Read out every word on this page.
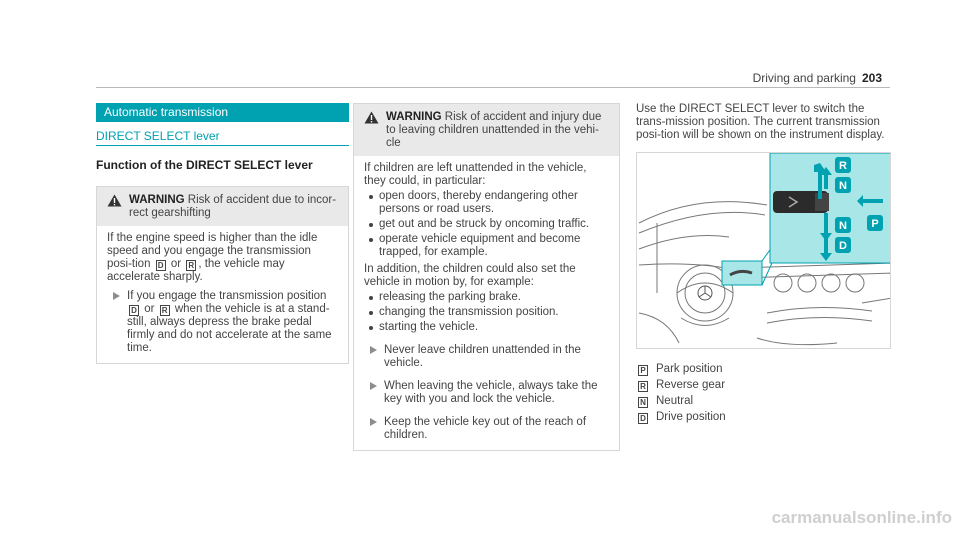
Driving and parking 203
Automatic transmission
DIRECT SELECT lever
Function of the DIRECT SELECT lever
WARNING Risk of accident due to incor-rect gearshifting
If the engine speed is higher than the idle speed and you engage the transmission posi-tion D or R , the vehicle may accelerate sharply.
If you engage the transmission position D or R when the vehicle is at a stand-still, always depress the brake pedal firmly and do not accelerate at the same time.
WARNING Risk of accident and injury due to leaving children unattended in the vehi-cle
If children are left unattended in the vehicle, they could, in particular:
open doors, thereby endangering other persons or road users.
get out and be struck by oncoming traffic.
operate vehicle equipment and become trapped, for example.
In addition, the children could also set the vehicle in motion by, for example:
releasing the parking brake.
changing the transmission position.
starting the vehicle.
Never leave children unattended in the vehicle.
When leaving the vehicle, always take the key with you and lock the vehicle.
Keep the vehicle key out of the reach of children.
Use the DIRECT SELECT lever to switch the trans-mission position. The current transmission posi-tion will be shown on the instrument display.
R
N
N
D
P
P Park position
R Reverse gear
N Neutral
D Drive position
carmanualsonline.info
